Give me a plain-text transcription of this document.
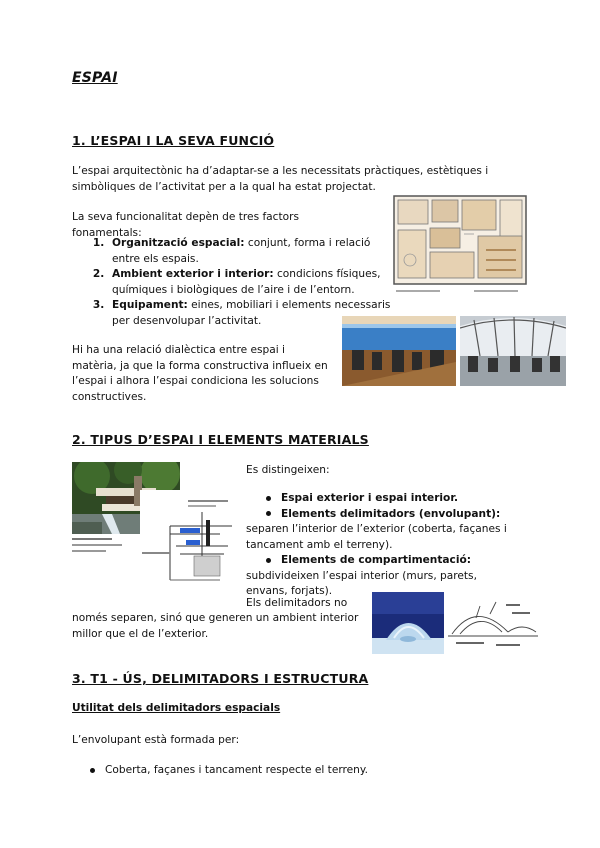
ESPAI
1. L’ESPAI I LA SEVA FUNCIÓ
L’espai arquitectònic ha d’adaptar-se a les necessitats pràctiques, estètiques i simbòliques de l’activitat per a la qual ha estat projectat.
La seva funcionalitat depèn de tres factors fonamentals:
1. Organització espacial: conjunt, forma i relació entre els espais.
2. Ambient exterior i interior: condicions físiques, químiques i biològiques de l’aire i de l’entorn.
3. Equipament: eines, mobiliari i elements necessaris per desenvolupar l’activitat.
Hi ha una relació dialèctica entre espai i matèria, ja que la forma constructiva influeix en l’espai i alhora l’espai condiciona les solucions constructives.
2. TIPUS D’ESPAI I ELEMENTS MATERIALS
Es distingeixen:
Espai exterior i espai interior.
Elements delimitadors (envolupant): separen l’interior de l’exterior (coberta, façanes i tancament amb el terreny).
Elements de compartimentació: subdivideixen l’espai interior (murs, parets, envans, forjats).
Els delimitadors no
només separen, sinó que generen un ambient interior millor que el de l’exterior.
3. T1 - ÚS, DELIMITADORS I ESTRUCTURA
Utilitat dels delimitadors espacials
L’envolupant està formada per:
Coberta, façanes i tancament respecte el terreny.
